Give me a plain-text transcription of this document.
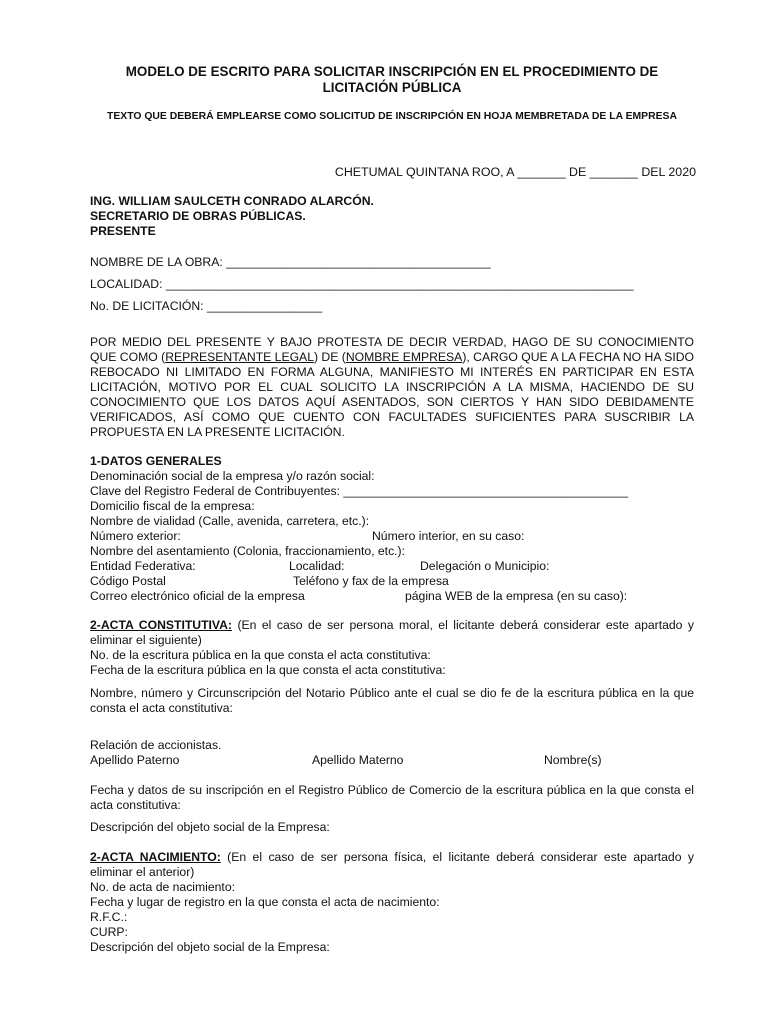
MODELO DE ESCRITO PARA SOLICITAR INSCRIPCIÓN EN EL PROCEDIMIENTO DE LICITACIÓN PÚBLICA
TEXTO QUE DEBERÁ EMPLEARSE COMO SOLICITUD DE INSCRIPCIÓN EN HOJA MEMBRETADA DE LA EMPRESA
CHETUMAL QUINTANA ROO, A _______ DE _______ DEL 2020
ING. WILLIAM SAULCETH CONRADO ALARCÓN.
SECRETARIO DE OBRAS PÚBLICAS.
PRESENTE
NOMBRE DE LA OBRA: _______________________________________
LOCALIDAD: _____________________________________________________________________
No. DE LICITACIÓN: _________________
POR MEDIO DEL PRESENTE Y BAJO PROTESTA DE DECIR VERDAD, HAGO DE SU CONOCIMIENTO QUE COMO (REPRESENTANTE LEGAL) DE (NOMBRE EMPRESA), CARGO QUE A LA FECHA NO HA SIDO REBOCADO NI LIMITADO EN FORMA ALGUNA, MANIFIESTO MI INTERÉS EN PARTICIPAR EN ESTA LICITACIÓN, MOTIVO POR EL CUAL SOLICITO LA INSCRIPCIÓN A LA MISMA, HACIENDO DE SU CONOCIMIENTO QUE LOS DATOS AQUÍ ASENTADOS, SON CIERTOS Y HAN SIDO DEBIDAMENTE VERIFICADOS, ASÍ COMO QUE CUENTO CON FACULTADES SUFICIENTES PARA SUSCRIBIR LA PROPUESTA EN LA PRESENTE LICITACIÓN.
1-DATOS GENERALES
Denominación social de la empresa y/o razón social:
Clave del Registro Federal de Contribuyentes: __________________________________________
Domicilio fiscal de la empresa:
Nombre de vialidad (Calle, avenida, carretera, etc.):
Número exterior:	Número interior, en su caso:
Nombre del asentamiento (Colonia, fraccionamiento, etc.):
Entidad Federativa:	Localidad:	Delegación o Municipio:
Código Postal	Teléfono y fax de la empresa
Correo electrónico oficial de la empresa	página WEB de la empresa (en su caso):
2-ACTA CONSTITUTIVA: (En el caso de ser persona moral, el licitante deberá considerar este apartado y eliminar el siguiente)
No. de la escritura pública en la que consta el acta constitutiva:
Fecha de la escritura pública en la que consta el acta constitutiva:
Nombre, número y Circunscripción del Notario Público ante el cual se dio fe de la escritura pública en la que consta el acta constitutiva:
Relación de accionistas.
Apellido Paterno	Apellido Materno	Nombre(s)
Fecha y datos de su inscripción en el Registro Público de Comercio de la escritura pública en la que consta el acta constitutiva:
Descripción del objeto social de la Empresa:
2-ACTA NACIMIENTO: (En el caso de ser persona física, el licitante deberá considerar este apartado y eliminar el anterior)
No. de acta de nacimiento:
Fecha y lugar de registro en la que consta el acta de nacimiento:
R.F.C.:
CURP:
Descripción del objeto social de la Empresa:
